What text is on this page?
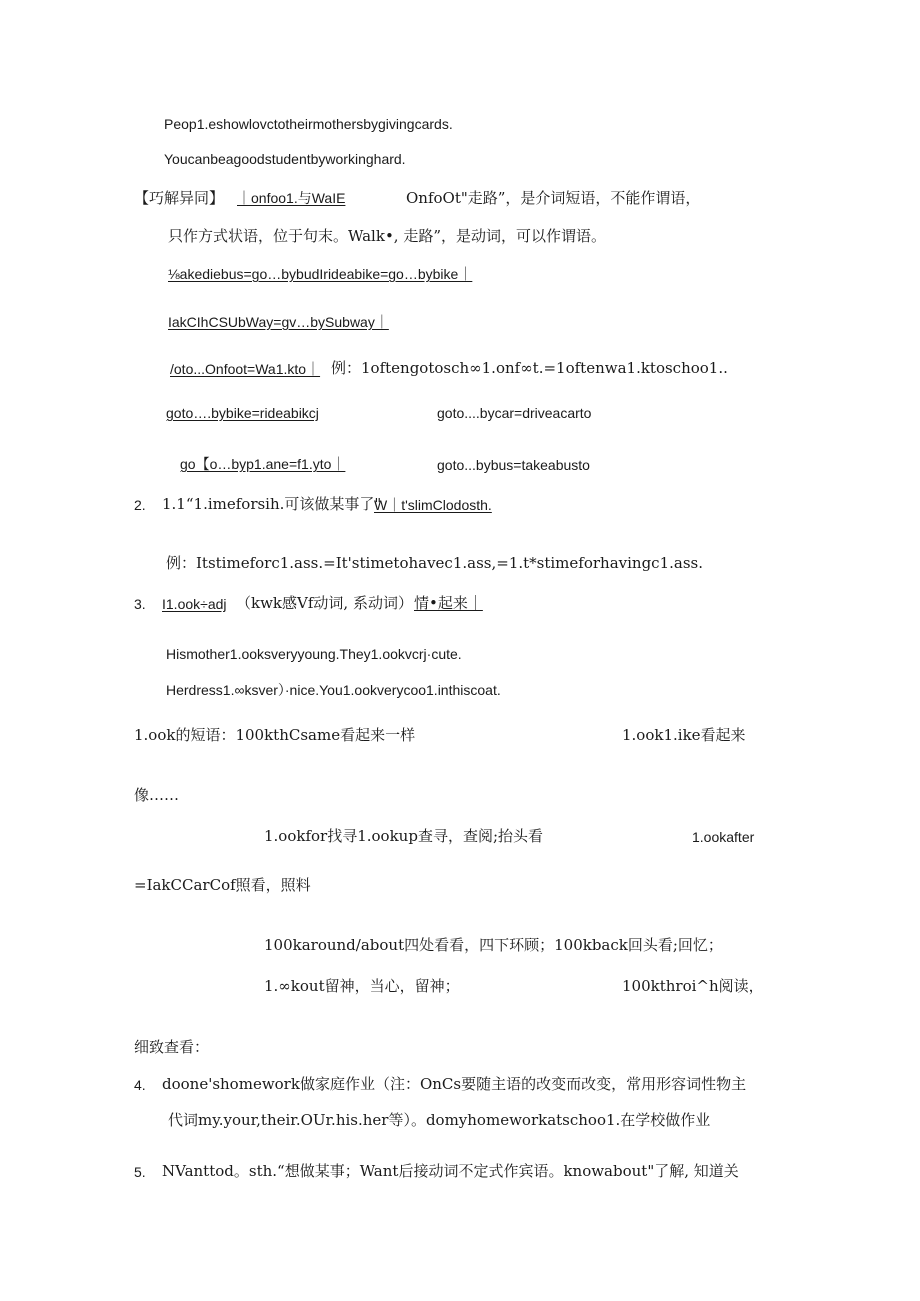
Peop1.eshowlovctotheirmothersbygivingcards.
Youcanbeagoodstudentbyworkinghard.
【巧解异同】 ｜onfoo1.与WaIE	OnfoOt"走路”，是介词短语，不能作谓语，
只作方式状语，位于句末。Walk•, 走路”，是动词，可以作谓语。
⅛akediebus=go…bybudIrideabike=go…bybike｜
IakCIhCSUbWay=gv…bySubway｜
/oto...Onfoot=Wa1.kto｜ 例：1oftengotosch∞1.onf∞t.=1oftenwa1.ktoschoo1..
goto….bybike=rideabikcj	goto....bycar=driveacarto
go【o…byp1.ane=f1.yto｜	goto...bybus=takeabusto
2. 1.1“1.imeforsih.可该做某事了"
W｜t'slimClodosth.
例：Itstimeforc1.ass.=It'stimetohavec1.ass,=1.t*stimeforhavingc1.ass.
3. I1.ook÷adj （kwk感Vf动词, 系动词） 情•起来｜
Hismother1.ooksveryyoung.They1.ookvcrj·cute.
Herdress1.∞ksver）·nice.You1.ookverycoo1.inthiscoat.
1.ook的短语：100kthCsame看起来一样	1.ook1.ike看起来
像……
1.ookfor找寻1.ookup查寻，查阅;抬头看	1.ookafter
=IakCCarCof照看，照料
100karound/about四处看看，四下环顾；100kback回头看;回忆；
1.∞kout留神，当心，留神；	100kthroi^h阅读，
细致查看：
4. doone'shomework做家庭作业（注：OnCs要随主语的改变而改变，常用形容词性物主
代词my.your,their.OUr.his.her等）。domyhomeworkatschoo1.在学校做作业
5. NVanttod。sth.“想做某事；Want后接动词不定式作宾语。knowabout"了解, 知道关
